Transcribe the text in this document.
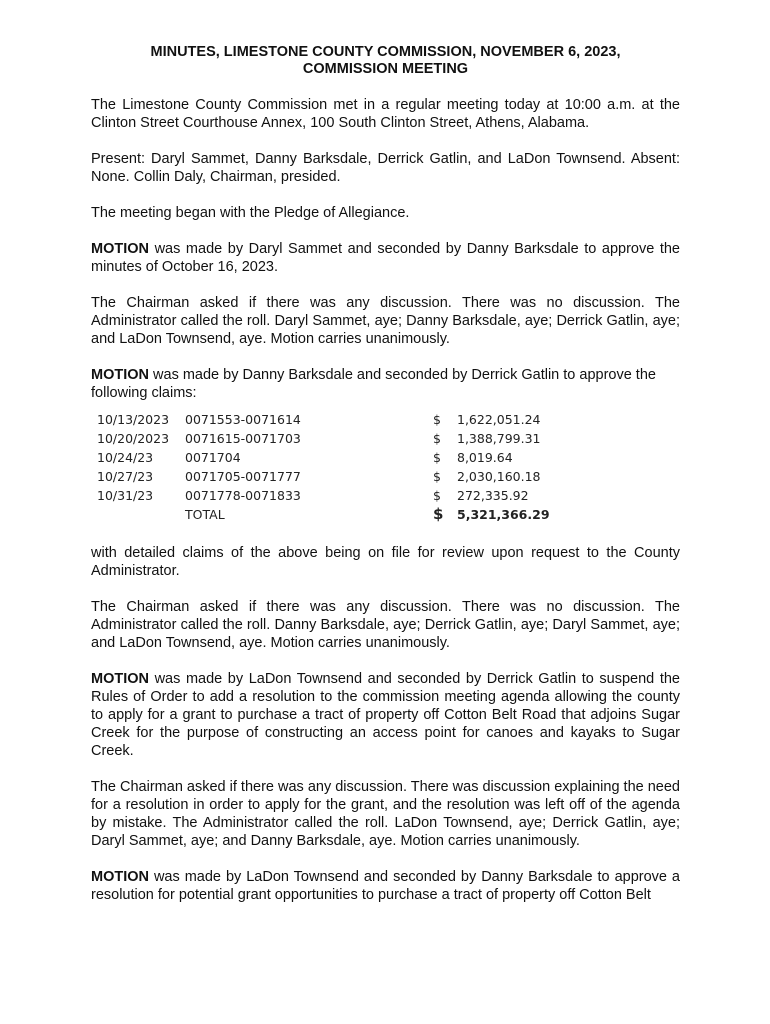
MINUTES, LIMESTONE COUNTY COMMISSION, NOVEMBER 6, 2023,
COMMISSION MEETING

The Limestone County Commission met in a regular meeting today at 10:00 a.m. at the Clinton Street Courthouse Annex, 100 South Clinton Street, Athens, Alabama.

Present: Daryl Sammet, Danny Barksdale, Derrick Gatlin, and LaDon Townsend. Absent: None. Collin Daly, Chairman, presided.

The meeting began with the Pledge of Allegiance.

MOTION was made by Daryl Sammet and seconded by Danny Barksdale to approve the minutes of October 16, 2023.

The Chairman asked if there was any discussion. There was no discussion. The Administrator called the roll. Daryl Sammet, aye; Danny Barksdale, aye; Derrick Gatlin, aye; and LaDon Townsend, aye. Motion carries unanimously.

MOTION was made by Danny Barksdale and seconded by Derrick Gatlin to approve the following claims:

10/13/2023	0071553-0071614	$	1,622,051.24
10/20/2023	0071615-0071703	$	1,388,799.31
10/24/23	0071704	$	8,019.64
10/27/23	0071705-0071777	$	2,030,160.18
10/31/23	0071778-0071833	$	272,335.92
	TOTAL	$	5,321,366.29

with detailed claims of the above being on file for review upon request to the County Administrator.

The Chairman asked if there was any discussion. There was no discussion. The Administrator called the roll. Danny Barksdale, aye; Derrick Gatlin, aye; Daryl Sammet, aye; and LaDon Townsend, aye. Motion carries unanimously.

MOTION was made by LaDon Townsend and seconded by Derrick Gatlin to suspend the Rules of Order to add a resolution to the commission meeting agenda allowing the county to apply for a grant to purchase a tract of property off Cotton Belt Road that adjoins Sugar Creek for the purpose of constructing an access point for canoes and kayaks to Sugar Creek.

The Chairman asked if there was any discussion. There was discussion explaining the need for a resolution in order to apply for the grant, and the resolution was left off of the agenda by mistake. The Administrator called the roll. LaDon Townsend, aye; Derrick Gatlin, aye; Daryl Sammet, aye; and Danny Barksdale, aye. Motion carries unanimously.

MOTION was made by LaDon Townsend and seconded by Danny Barksdale to approve a resolution for potential grant opportunities to purchase a tract of property off Cotton Belt
